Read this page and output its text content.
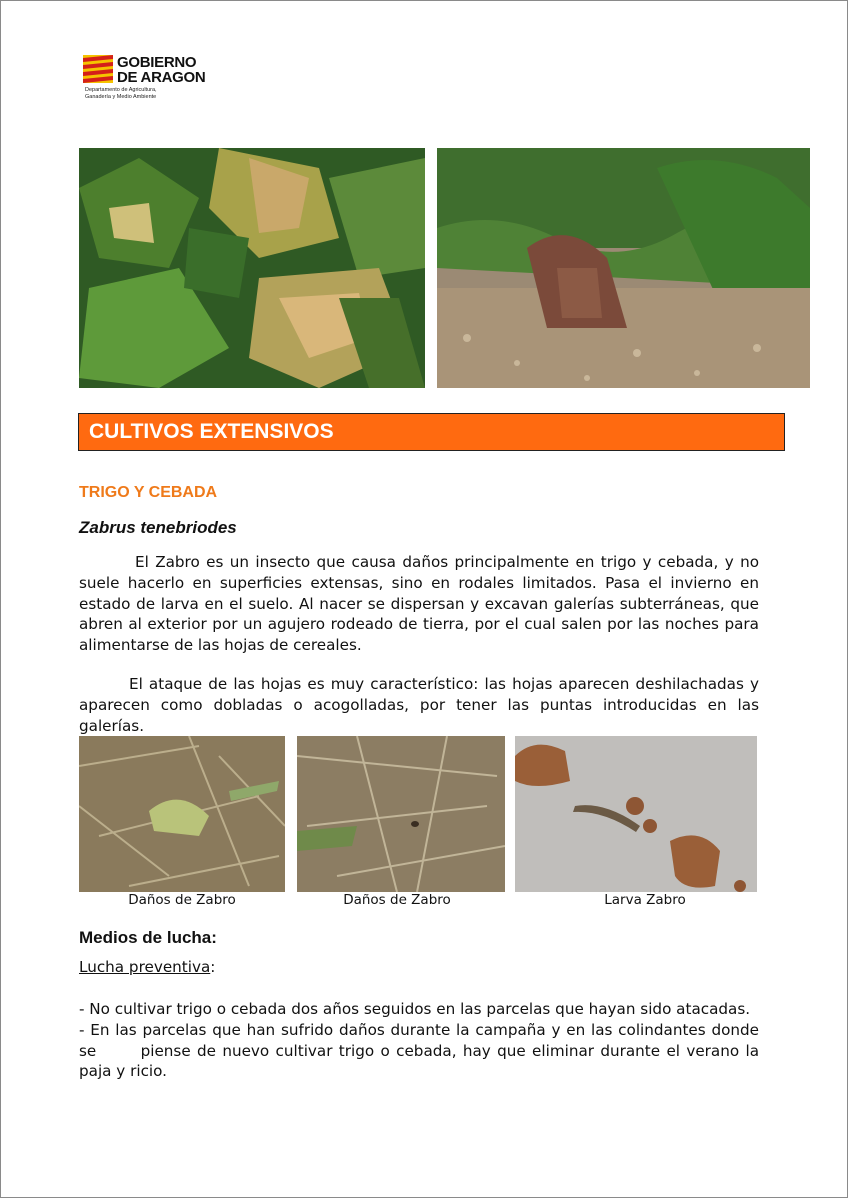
GOBIERNO
DE ARAGON
Departamento de Agricultura,
Ganadería y Medio Ambiente
CULTIVOS EXTENSIVOS
TRIGO Y CEBADA
Zabrus tenebriodes

El Zabro es un insecto que causa daños principalmente en trigo y cebada, y no suele hacerlo en superficies extensas, sino en rodales limitados. Pasa el invierno en estado de larva en el suelo. Al nacer se dispersan y excavan galerías subterráneas, que abren al exterior por un agujero rodeado de tierra, por el cual salen por las noches para alimentarse de las hojas de cereales.

El ataque de las hojas es muy característico: las hojas aparecen deshilachadas y aparecen como dobladas o acogolladas, por tener las puntas introducidas en las galerías.

Daños de Zabro	Daños de Zabro	Larva Zabro
Medios de lucha:
Lucha preventiva:
- No cultivar trigo o cebada dos años seguidos en las parcelas que hayan sido atacadas.
- En las parcelas que han sufrido daños durante la campaña y en las colindantes donde se       piense de nuevo cultivar trigo o cebada, hay que eliminar durante el verano la paja y ricio.
